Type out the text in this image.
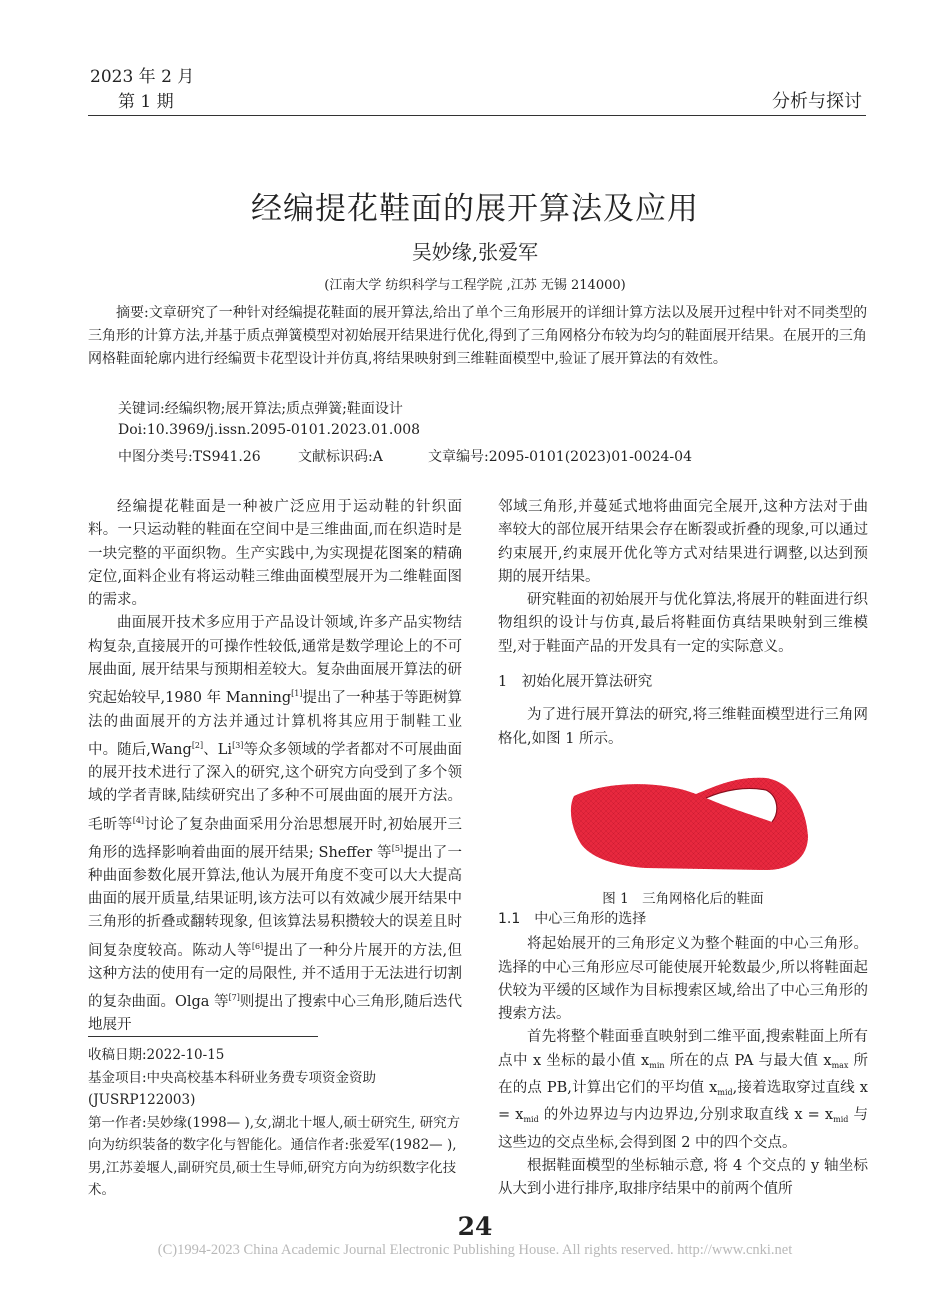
2023 年 2 月
第 1 期	分析与探讨
经编提花鞋面的展开算法及应用
吴妙缘,张爱军
(江南大学 纺织科学与工程学院 ,江苏 无锡 214000)
摘要:文章研究了一种针对经编提花鞋面的展开算法,给出了单个三角形展开的详细计算方法以及展开过程中针对不同类型的三角形的计算方法,并基于质点弹簧模型对初始展开结果进行优化,得到了三角网格分布较为均匀的鞋面展开结果。在展开的三角网格鞋面轮廓内进行经编贾卡花型设计并仿真,将结果映射到三维鞋面模型中,验证了展开算法的有效性。
关键词:经编织物;展开算法;质点弹簧;鞋面设计
Doi:10.3969/j.issn.2095-0101.2023.01.008
中图分类号:TS941.26	文献标识码:A	文章编号:2095-0101(2023)01-0024-04

经编提花鞋面是一种被广泛应用于运动鞋的针织面料。一只运动鞋的鞋面在空间中是三维曲面,而在织造时是一块完整的平面织物。生产实践中,为实现提花图案的精确定位,面料企业有将运动鞋三维曲面模型展开为二维鞋面图的需求。

曲面展开技术多应用于产品设计领域,许多产品实物结构复杂,直接展开的可操作性较低,通常是数学理论上的不可展曲面, 展开结果与预期相差较大。复杂曲面展开算法的研究起始较早,1980 年 Manning[1]提出了一种基于等距树算法的曲面展开的方法并通过计算机将其应用于制鞋工业中。随后,Wang[2]、Li[3]等众多领域的学者都对不可展曲面的展开技术进行了深入的研究,这个研究方向受到了多个领域的学者青睐,陆续研究出了多种不可展曲面的展开方法。毛昕等[4]讨论了复杂曲面采用分治思想展开时,初始展开三角形的选择影响着曲面的展开结果; Sheffer 等[5]提出了一种曲面参数化展开算法,他认为展开角度不变可以大大提高曲面的展开质量,结果证明,该方法可以有效减少展开结果中三角形的折叠或翻转现象, 但该算法易积攒较大的误差且时间复杂度较高。陈动人等[6]提出了一种分片展开的方法,但这种方法的使用有一定的局限性, 并不适用于无法进行切割的复杂曲面。Olga 等[7]则提出了搜索中心三角形,随后迭代地展开

收稿日期:2022-10-15

基金项目:中央高校基本科研业务费专项资金资助(JUSRP122003)

第一作者:吴妙缘(1998— ),女,湖北十堰人,硕士研究生, 研究方向为纺织装备的数字化与智能化。通信作者:张爱军(1982— ),男,江苏姜堰人,副研究员,硕士生导师,研究方向为纺织数字化技术。

邻域三角形,并蔓延式地将曲面完全展开,这种方法对于曲率较大的部位展开结果会存在断裂或折叠的现象,可以通过约束展开,约束展开优化等方式对结果进行调整,以达到预期的展开结果。

研究鞋面的初始展开与优化算法,将展开的鞋面进行织物组织的设计与仿真,最后将鞋面仿真结果映射到三维模型,对于鞋面产品的开发具有一定的实际意义。

1　初始化展开算法研究

为了进行展开算法的研究,将三维鞋面模型进行三角网格化,如图 1 所示。

图 1　三角网格化后的鞋面
1.1　中心三角形的选择

将起始展开的三角形定义为整个鞋面的中心三角形。选择的中心三角形应尽可能使展开轮数最少,所以将鞋面起伏较为平缓的区域作为目标搜索区域,给出了中心三角形的搜索方法。

首先将整个鞋面垂直映射到二维平面,搜索鞋面上所有点中 x 坐标的最小值 $x_{min}$ 所在的点 PA 与最大值 $x_{max}$ 所在的点 PB,计算出它们的平均值 $x_{mid}$,接着选取穿过直线 $x = x_{mid}$ 的外边界边与内边界边,分别求取直线 $x = x_{mid}$ 与这些边的交点坐标,会得到图 2 中的四个交点。

根据鞋面模型的坐标轴示意, 将 4 个交点的 y 轴坐标从大到小进行排序,取排序结果中的前两个值所

24
(C)1994-2023 China Academic Journal Electronic Publishing House. All rights reserved. http://www.cnki.net
